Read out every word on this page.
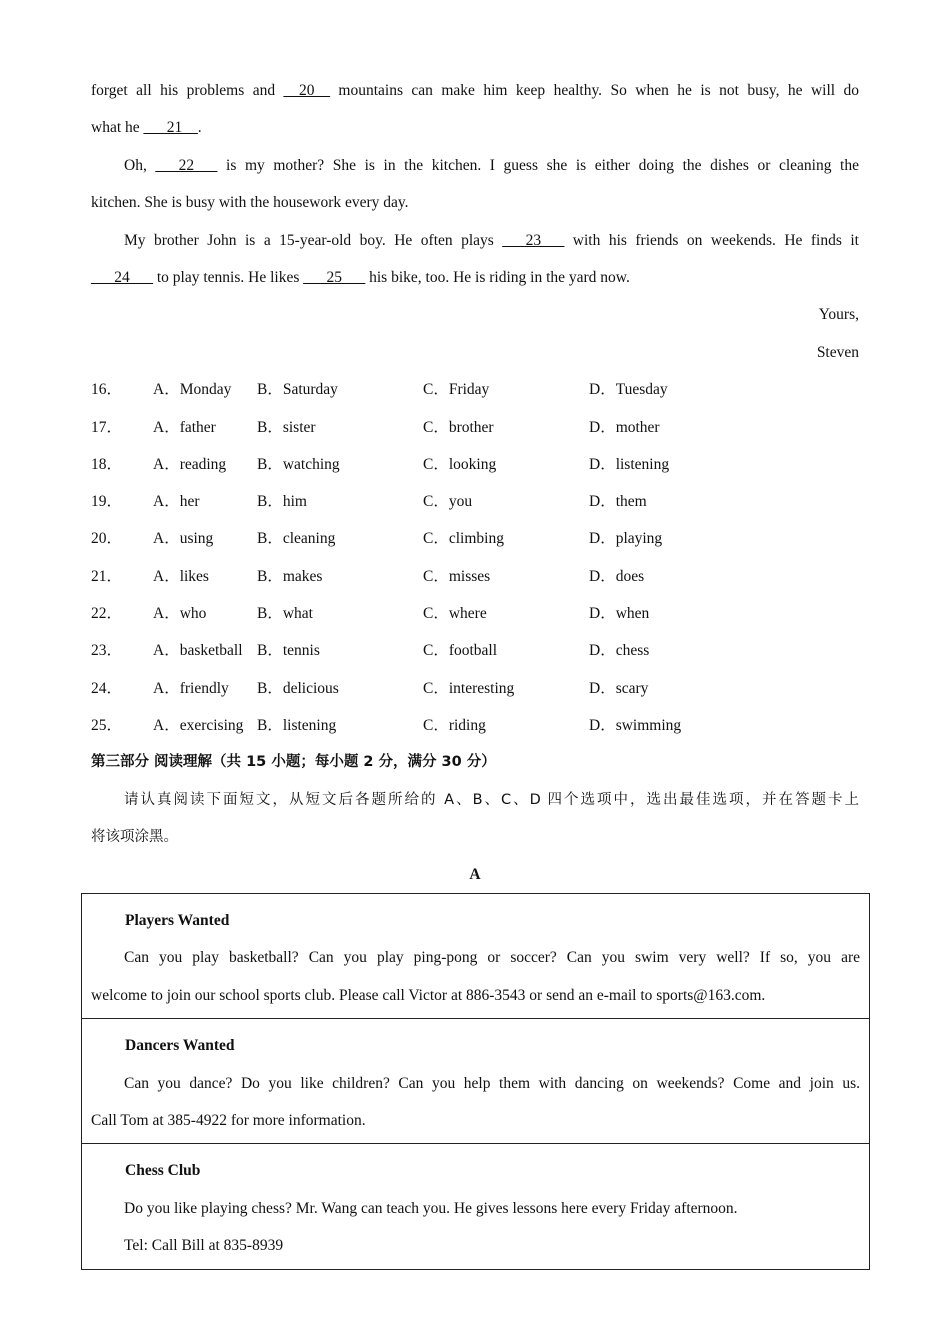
forget all his problems and __20__ mountains can make him keep healthy. So when he is not busy, he will do
what he ___21__.
Oh, ___22___ is my mother? She is in the kitchen. I guess she is either doing the dishes or cleaning the
kitchen. She is busy with the housework every day.
My brother John is a 15-year-old boy. He often plays ___23___ with his friends on weekends. He finds it
___24___ to play tennis. He likes ___25___ his bike, too. He is riding in the yard now.
Yours,
Steven
16．	A．Monday	B．Saturday	C．Friday	D．Tuesday
17．	A．father	B．sister	C．brother	D．mother
18．	A．reading	B．watching	C．looking	D．listening
19．	A．her	B．him	C．you	D．them
20．	A．using	B．cleaning	C．climbing	D．playing
21．	A．likes	B．makes	C．misses	D．does
22．	A．who	B．what	C．where	D．when
23．	A．basketball B．tennis	C．football	D．chess
24．	A．friendly	B．delicious	C．interesting	D．scary
25．	A．exercising B．listening	C．riding	D．swimming
第三部分 阅读理解（共 15 小题；每小题 2 分，满分 30 分）
请认真阅读下面短文，从短文后各题所给的 A、B、C、D 四个选项中，选出最佳选项，并在答题卡上
将该项涂黑。
A
Players Wanted
Can you play basketball? Can you play ping-pong or soccer? Can you swim very well? If so, you are
welcome to join our school sports club. Please call Victor at 886-3543 or send an e-mail to sports@163.com.
Dancers Wanted
Can you dance? Do you like children? Can you help them with dancing on weekends? Come and join us.
Call Tom at 385-4922 for more information.
Chess Club
Do you like playing chess? Mr. Wang can teach you. He gives lessons here every Friday afternoon.
Tel: Call Bill at 835-8939
